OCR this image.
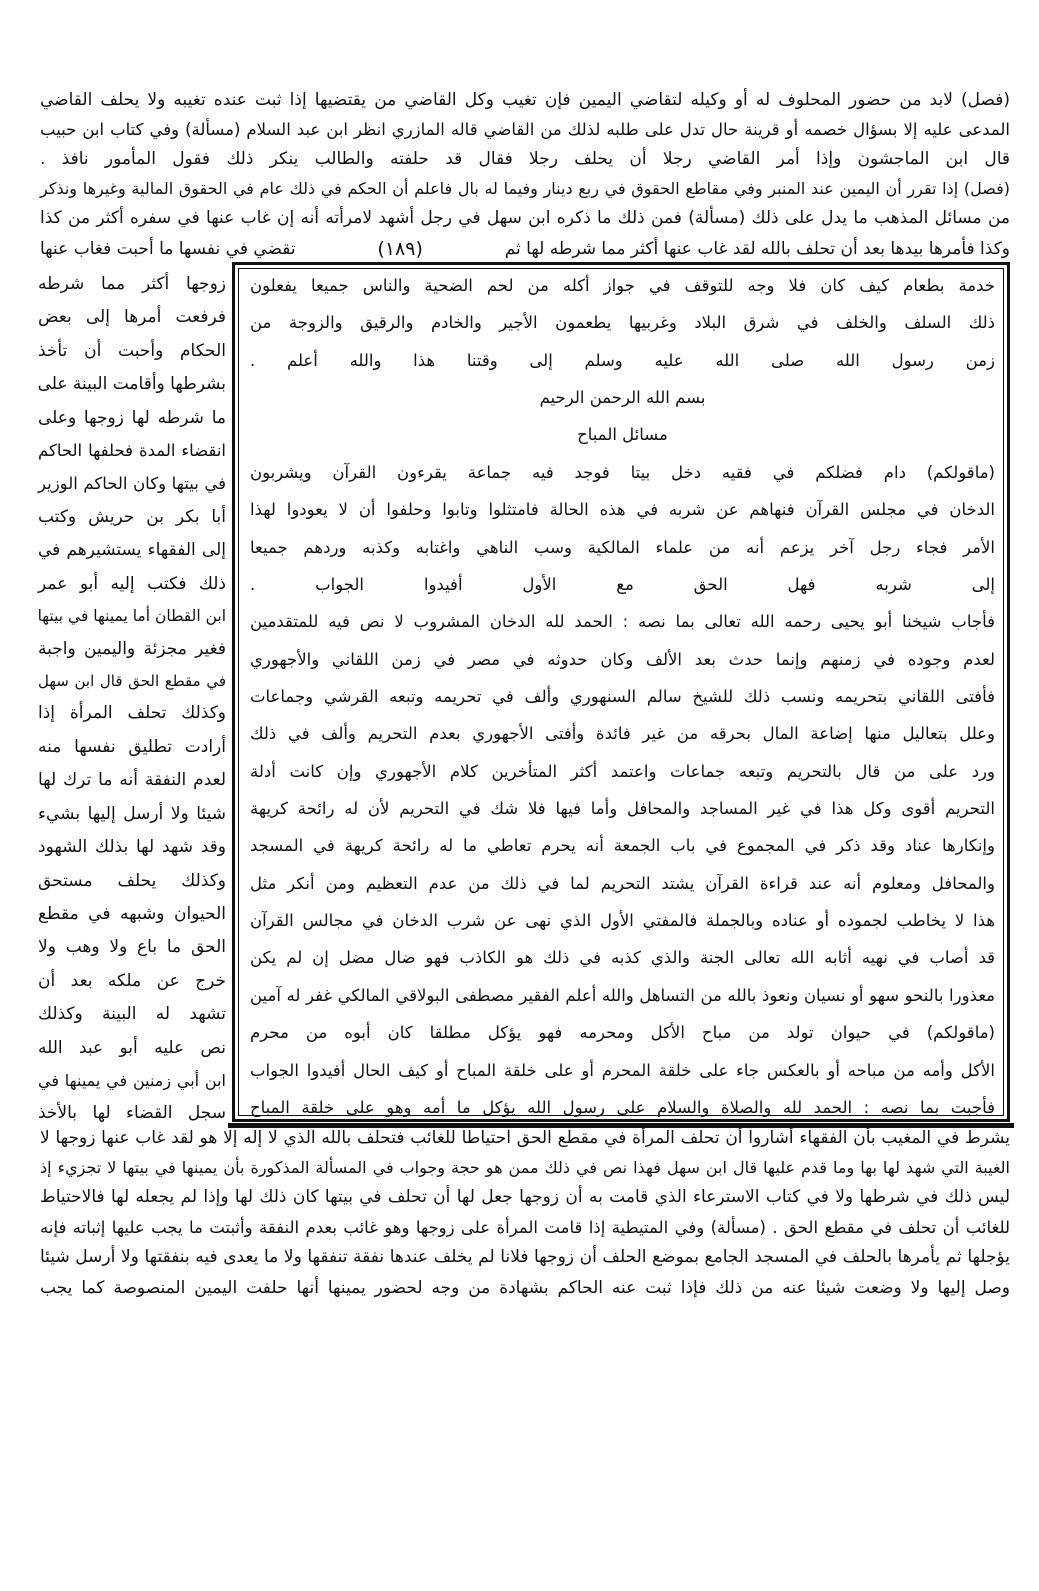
(فصل) لابد من حضور المحلوف له أو وكيله لتقاضي اليمين فإن تغيب وكل القاضي من يقتضيها إذا ثبت عنده تغيبه ولا يحلف القاضي
المدعى عليه إلا بسؤال خصمه أو قرينة حال تدل على طلبه لذلك من القاضي قاله المازري انظر ابن عبد السلام (مسألة) وفي كتاب ابن حبيب
قال ابن الماجشون وإذا أمر القاضي رجلا أن يحلف رجلا فقال قد حلفته والطالب ينكر ذلك فقول المأمور نافذ .
(فصل) إذا تقرر أن اليمين عند المنبر وفي مقاطع الحقوق في ربع دينار وفيما له بال فاعلم أن الحكم في ذلك عام في الحقوق المالية وغيرها ونذكر
من مسائل المذهب ما يدل على ذلك (مسألة) فمن ذلك ما ذكره ابن سهل في رجل أشهد لامرأته أنه إن غاب عنها في سفره أكثر من كذا
وكذا فأمرها بيدها بعد أن تحلف بالله لقد غاب عنها أكثر مما شرطه لها ثم
(١٨٩)
تقضي في نفسها ما أحبت فغاب عنها
زوجها أكثر مما شرطه
فرفعت أمرها إلى بعض
الحكام وأحبت أن تأخذ
بشرطها وأقامت البينة على
ما شرطه لها زوجها وعلى
انقضاء المدة فحلفها الحاكم
في بيتها وكان الحاكم الوزير
أبا بكر بن حريش وكتب
إلى الفقهاء يستشيرهم في
ذلك فكتب إليه أبو عمر
ابن القطان أما يمينها في بيتها
فغير مجزئة واليمين واجبة
في مقطع الحق قال ابن سهل
وكذلك تحلف المرأة إذا
أرادت تطليق نفسها منه
لعدم النفقة أنه ما ترك لها
شيئا ولا أرسل إليها بشيء
وقد شهد لها بذلك الشهود
وكذلك يحلف مستحق
الحيوان وشبهه في مقطع
الحق ما باع ولا وهب ولا
خرج عن ملكه بعد أن
تشهد له البينة وكذلك
نص عليه أبو عبد الله
ابن أبي زمنين في يمينها في
سجل القضاء لها بالأخذ
خدمة بطعام كيف كان فلا وجه للتوقف في جواز أكله من لحم الضحية والناس جميعا يفعلون
ذلك السلف والخلف في شرق البلاد وغربيها يطعمون الأجير والخادم والرقيق والزوجة من
زمن رسول الله صلى الله عليه وسلم إلى وقتنا هذا والله أعلم .
بسم الله الرحمن الرحيم
مسائل المباح
(ماقولكم) دام فضلكم في فقيه دخل بيتا فوجد فيه جماعة يقرءون القرآن ويشربون
الدخان في مجلس القرآن فنهاهم عن شربه في هذه الحالة فامتثلوا وتابوا وحلفوا أن لا يعودوا لهذا
الأمر فجاء رجل آخر يزعم أنه من علماء المالكية وسب الناهي واغتابه وكذبه وردهم جميعا
إلى شربه فهل الحق مع الأول أفيدوا الجواب .
فأجاب شيخنا أبو يحيى رحمه الله تعالى بما نصه : الحمد لله الدخان المشروب لا نص فيه للمتقدمين
لعدم وجوده في زمنهم وإنما حدث بعد الألف وكان حدوثه في مصر في زمن اللقاني والأجهوري
فأفتى اللقاني بتحريمه ونسب ذلك للشيخ سالم السنهوري وألف في تحريمه وتبعه القرشي وجماعات
وعلل بتعاليل منها إضاعة المال بحرقه من غير فائدة وأفتى الأجهوري بعدم التحريم وألف في ذلك
ورد على من قال بالتحريم وتبعه جماعات واعتمد أكثر المتأخرين كلام الأجهوري وإن كانت أدلة
التحريم أقوى وكل هذا في غير المساجد والمحافل وأما فيها فلا شك في التحريم لأن له رائحة كريهة
وإنكارها عناد وقد ذكر في المجموع في باب الجمعة أنه يحرم تعاطي ما له رائحة كريهة في المسجد
والمحافل ومعلوم أنه عند قراءة القرآن يشتد التحريم لما في ذلك من عدم التعظيم ومن أنكر مثل
هذا لا يخاطب لجموده أو عناده وبالجملة فالمفتي الأول الذي نهى عن شرب الدخان في مجالس القرآن
قد أصاب في نهيه أثابه الله تعالى الجنة والذي كذبه في ذلك هو الكاذب فهو ضال مضل إن لم يكن
معذورا بالنحو سهو أو نسيان ونعوذ بالله من التساهل والله أعلم الفقير مصطفى البولاقي المالكي غفر له آمين
(ماقولكم) في حيوان تولد من مباح الأكل ومحرمه فهو يؤكل مطلقا كان أبوه من محرم
الأكل وأمه من مباحه أو بالعكس جاء على خلقة المحرم أو على خلقة المباح أو كيف الحال أفيدوا الجواب
فأجبت بما نصه : الحمد لله والصلاة والسلام على رسول الله يؤكل ما أمه وهو على خلقة المباح
يشرط في المغيب بأن الفقهاء أشاروا أن تحلف المرأة في مقطع الحق احتياطا للغائب فتحلف بالله الذي لا إله إلا هو لقد غاب عنها زوجها لا
الغيبة التي شهد لها بها وما قدم عليها قال ابن سهل فهذا نص في ذلك ممن هو حجة وجواب في المسألة المذكورة بأن يمينها في بيتها لا تجزيء إذ
ليس ذلك في شرطها ولا في كتاب الاسترعاء الذي قامت به أن زوجها جعل لها أن تحلف في بيتها كان ذلك لها وإذا لم يجعله لها فالاحتياط
للغائب أن تحلف في مقطع الحق . (مسألة) وفي المتيطية إذا قامت المرأة على زوجها وهو غائب بعدم النفقة وأثبتت ما يجب عليها إثباته فإنه
يؤجلها ثم يأمرها بالحلف في المسجد الجامع بموضع الحلف أن زوجها فلانا لم يخلف عندها نفقة تنفقها ولا ما يعدى فيه بنفقتها ولا أرسل شيئا
وصل إليها ولا وضعت شيئا عنه من ذلك فإذا ثبت عنه الحاكم بشهادة من وجه لحضور يمينها أنها حلفت اليمين المنصوصة كما يجب
